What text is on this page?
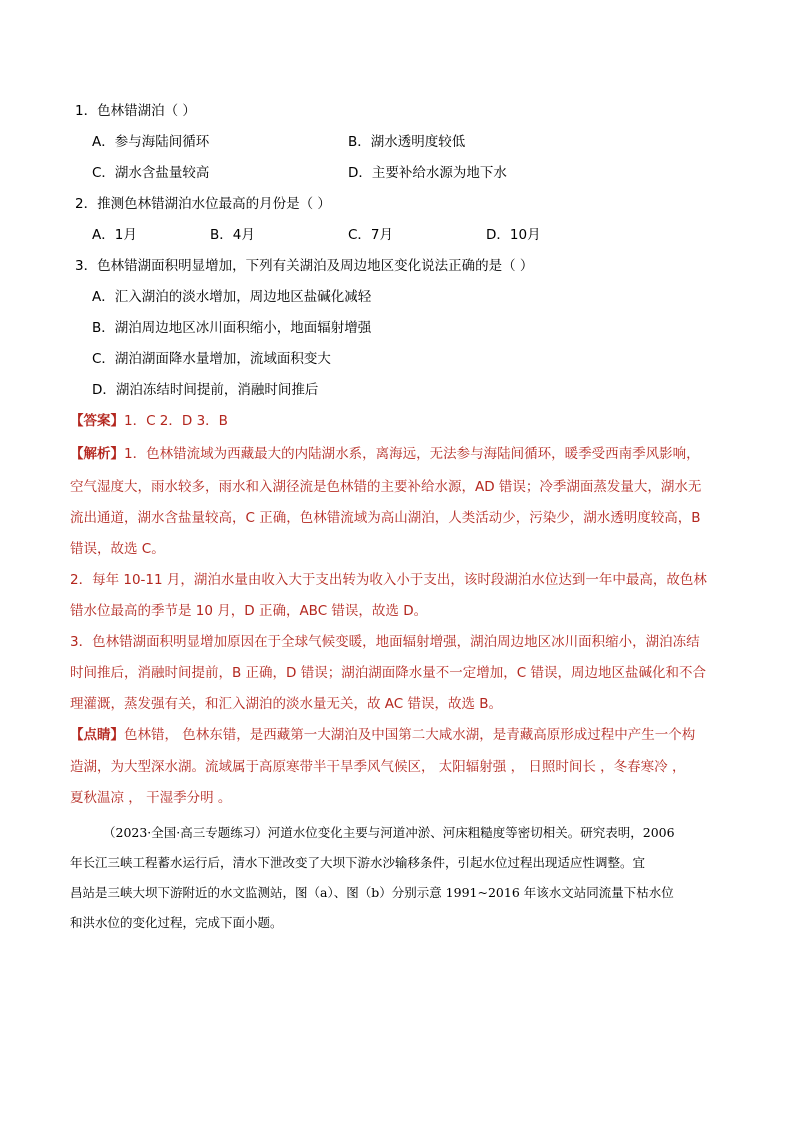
1．色林错湖泊（ ）
A．参与海陆间循环	B．湖水透明度较低
C．湖水含盐量较高	D．主要补给水源为地下水
2．推测色林错湖泊水位最高的月份是（ ）
A．1月	B．4月	C．7月	D．10月
3．色林错湖面积明显增加，下列有关湖泊及周边地区变化说法正确的是（ ）
A．汇入湖泊的淡水增加，周边地区盐碱化减轻
B．湖泊周边地区冰川面积缩小，地面辐射增强
C．湖泊湖面降水量增加，流域面积变大
D．湖泊冻结时间提前，消融时间推后
【答案】1．C 2．D 3．B
【解析】1．色林错流域为西藏最大的内陆湖水系，离海远，无法参与海陆间循环，暖季受西南季风影响，
空气湿度大，雨水较多，雨水和入湖径流是色林错的主要补给水源，AD 错误；冷季湖面蒸发量大，湖水无
流出通道，湖水含盐量较高，C 正确，色林错流域为高山湖泊，人类活动少，污染少，湖水透明度较高，B
错误，故选 C。
2．每年 10-11 月，湖泊水量由收入大于支出转为收入小于支出，该时段湖泊水位达到一年中最高，故色林
错水位最高的季节是 10 月，D 正确，ABC 错误，故选 D。
3．色林错湖面积明显增加原因在于全球气候变暖，地面辐射增强，湖泊周边地区冰川面积缩小，湖泊冻结
时间推后，消融时间提前，B 正确，D 错误；湖泊湖面降水量不一定增加，C 错误，周边地区盐碱化和不合
理灌溉，蒸发强有关，和汇入湖泊的淡水量无关，故 AC 错误，故选 B。
【点睛】色林错， 色林东错，是西藏第一大湖泊及中国第二大咸水湖，是青藏高原形成过程中产生一个构
造湖，为大型深水湖。流域属于高原寒带半干旱季风气候区， 太阳辐射强 ， 日照时间长 ，冬春寒冷 ，
夏秋温凉 ， 干湿季分明 。
（2023·全国·高三专题练习）河道水位变化主要与河道冲淤、河床粗糙度等密切相关。研究表明，2006
年长江三峡工程蓄水运行后，清水下泄改变了大坝下游水沙输移条件，引起水位过程出现适应性调整。宜
昌站是三峡大坝下游附近的水文监测站，图（a）、图（b）分别示意 1991~2016 年该水文站同流量下枯水位
和洪水位的变化过程，完成下面小题。
